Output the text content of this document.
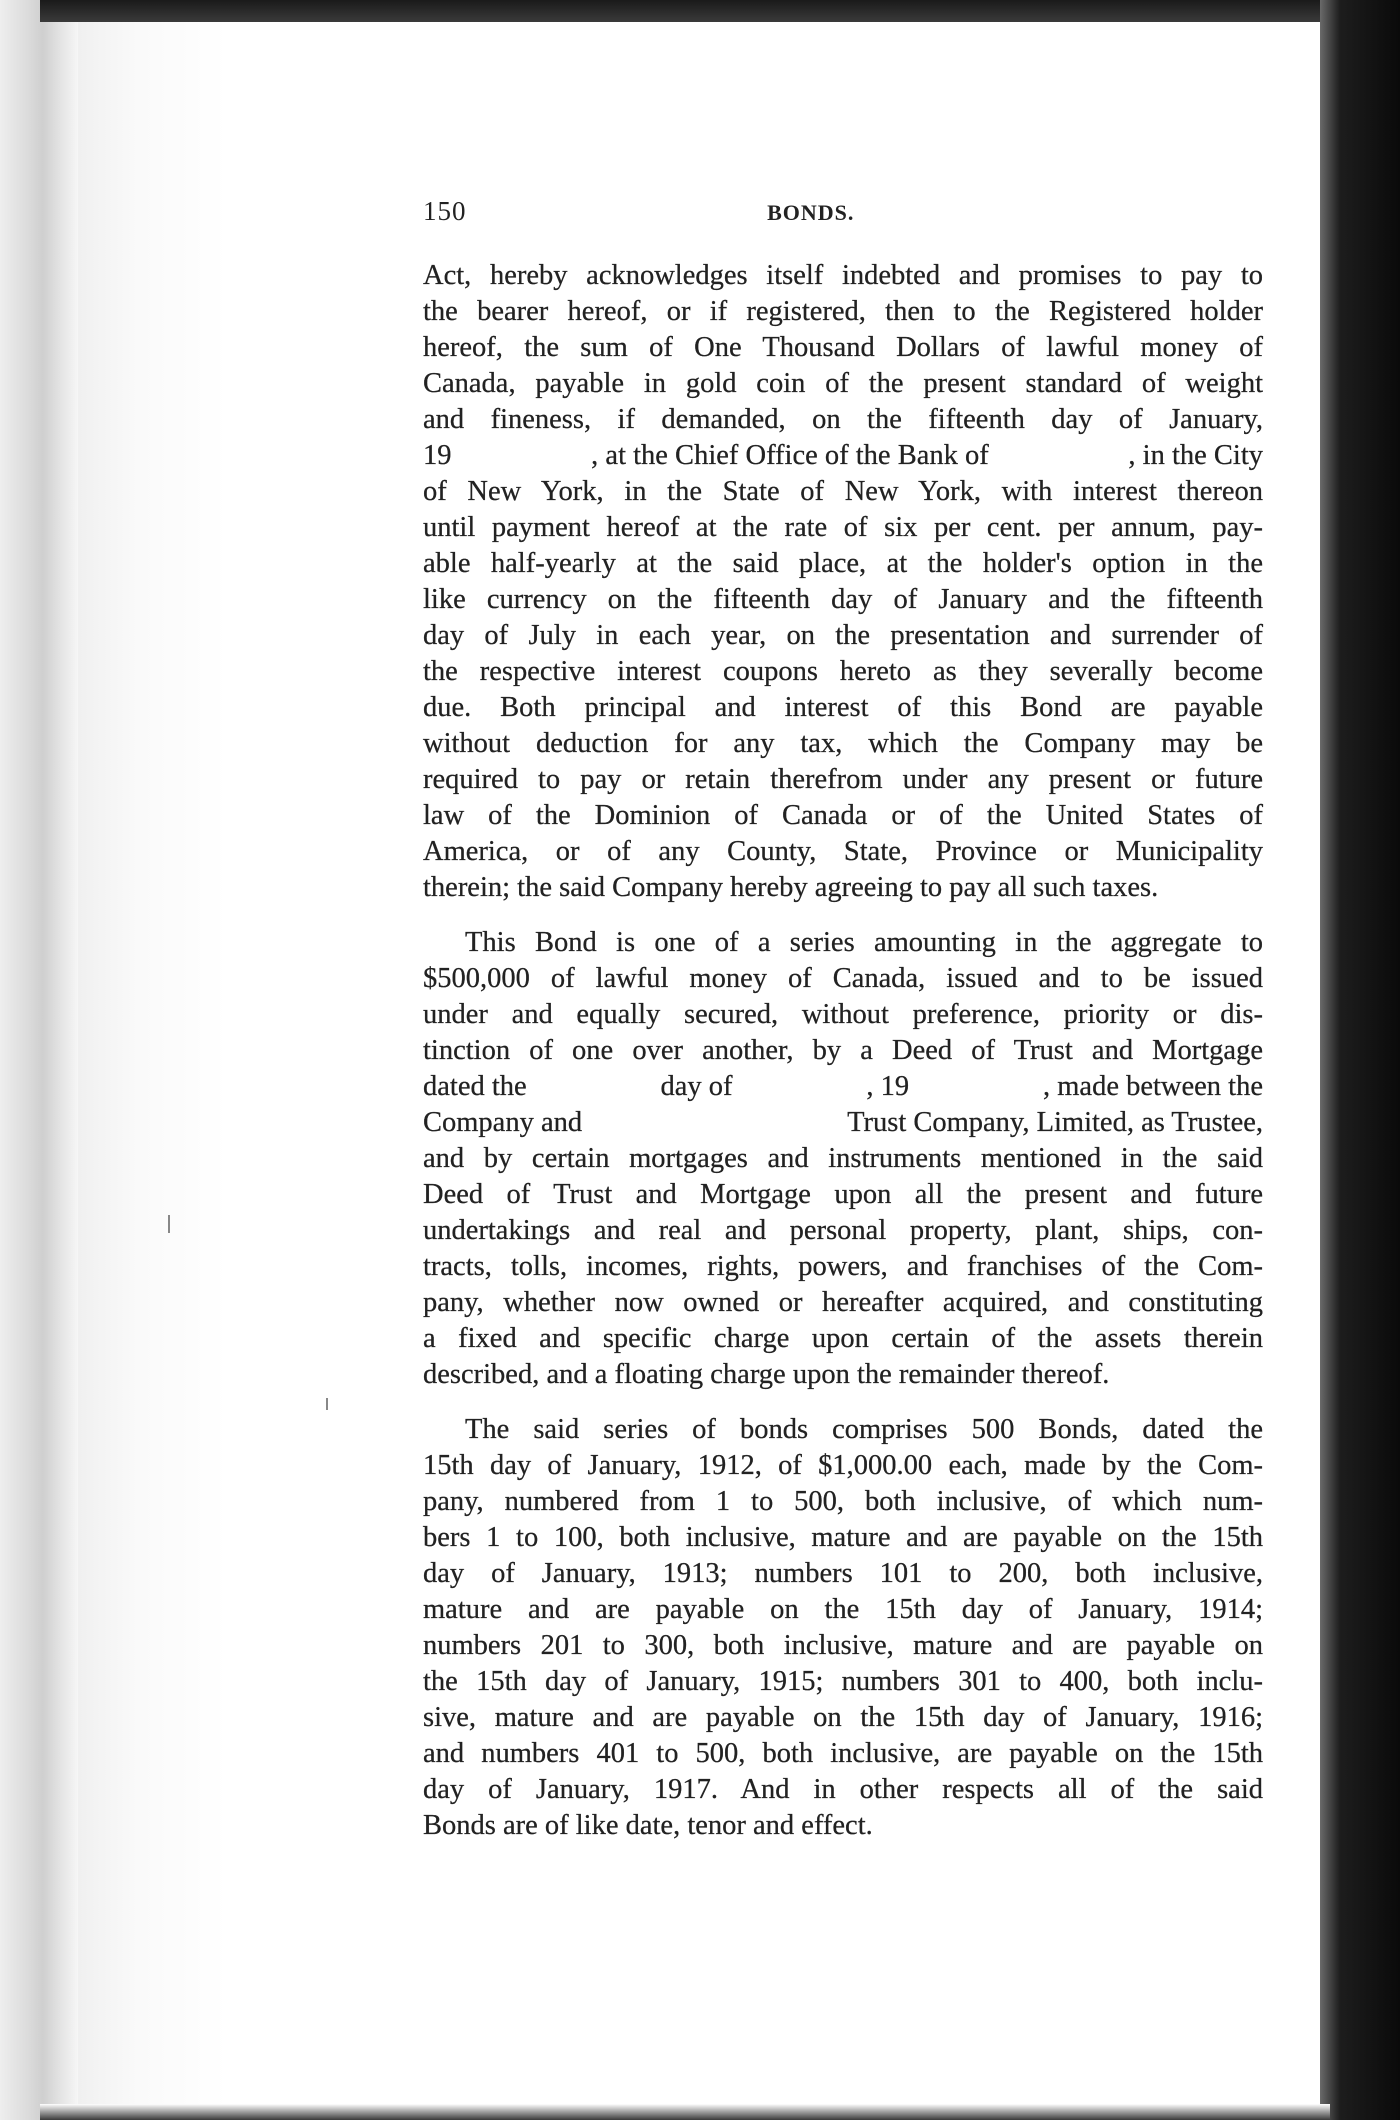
150	BONDS.
Act, hereby acknowledges itself indebted and promises to pay to
the bearer hereof, or if registered, then to the Registered holder
hereof, the sum of One Thousand Dollars of lawful money of
Canada, payable in gold coin of the present standard of weight
and fineness, if demanded, on the fifteenth day of January,
19	, at the Chief Office of the Bank of	, in the City
of New York, in the State of New York, with interest thereon
until payment hereof at the rate of six per cent. per annum, pay-
able half-yearly at the said place, at the holder's option in the
like currency on the fifteenth day of January and the fifteenth
day of July in each year, on the presentation and surrender of
the respective interest coupons hereto as they severally become
due. Both principal and interest of this Bond are payable
without deduction for any tax, which the Company may be
required to pay or retain therefrom under any present or future
law of the Dominion of Canada or of the United States of
America, or of any County, State, Province or Municipality
therein; the said Company hereby agreeing to pay all such taxes.
This Bond is one of a series amounting in the aggregate to
$500,000 of lawful money of Canada, issued and to be issued
under and equally secured, without preference, priority or dis-
tinction of one over another, by a Deed of Trust and Mortgage
dated the	day of	, 19	, made between the
Company and	Trust Company, Limited, as Trustee,
and by certain mortgages and instruments mentioned in the said
Deed of Trust and Mortgage upon all the present and future
undertakings and real and personal property, plant, ships, con-
tracts, tolls, incomes, rights, powers, and franchises of the Com-
pany, whether now owned or hereafter acquired, and constituting
a fixed and specific charge upon certain of the assets therein
described, and a floating charge upon the remainder thereof.
The said series of bonds comprises 500 Bonds, dated the
15th day of January, 1912, of $1,000.00 each, made by the Com-
pany, numbered from 1 to 500, both inclusive, of which num-
bers 1 to 100, both inclusive, mature and are payable on the 15th
day of January, 1913; numbers 101 to 200, both inclusive,
mature and are payable on the 15th day of January, 1914;
numbers 201 to 300, both inclusive, mature and are payable on
the 15th day of January, 1915; numbers 301 to 400, both inclu-
sive, mature and are payable on the 15th day of January, 1916;
and numbers 401 to 500, both inclusive, are payable on the 15th
day of January, 1917. And in other respects all of the said
Bonds are of like date, tenor and effect.
